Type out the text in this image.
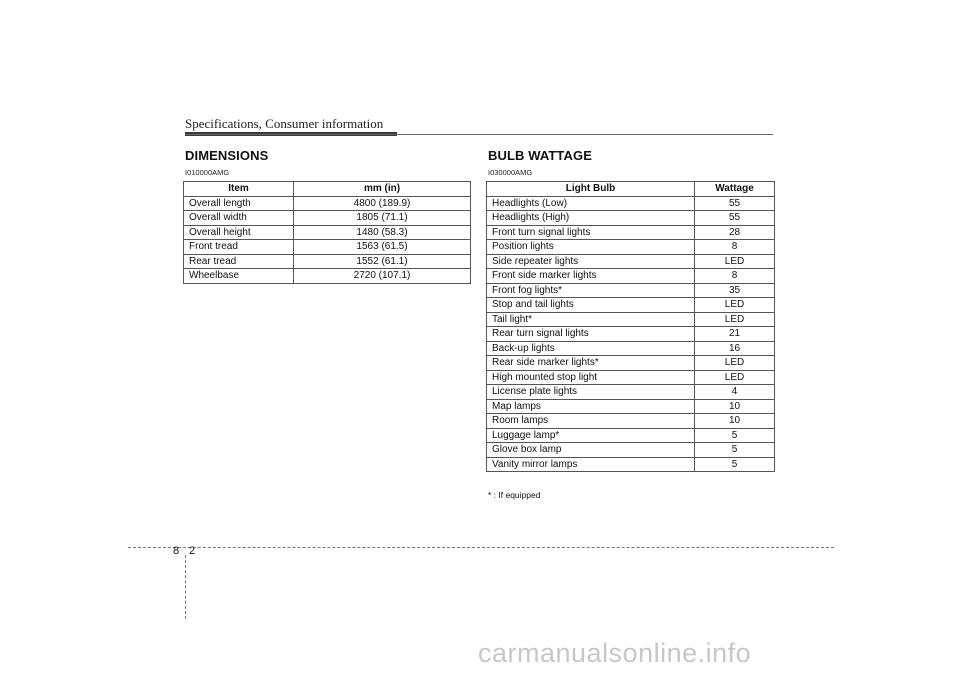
Specifications, Consumer information
DIMENSIONS
I010000AMG
Item	mm (in)
Overall length	4800 (189.9)
Overall width	1805 (71.1)
Overall height	1480 (58.3)
Front tread	1563 (61.5)
Rear tread	1552 (61.1)
Wheelbase	2720 (107.1)
BULB WATTAGE
I030000AMG
Light Bulb	Wattage
Headlights (Low)	55
Headlights (High)	55
Front turn signal lights	28
Position lights	8
Side repeater lights	LED
Front side marker lights	8
Front fog lights*	35
Stop and tail lights	LED
Tail light*	LED
Rear turn signal lights	21
Back-up lights	16
Rear side marker lights*	LED
High mounted stop light	LED
License plate lights	4
Map lamps	10
Room lamps	10
Luggage lamp*	5
Glove box lamp	5
Vanity mirror lamps	5
* : If equipped
8 2
carmanualsonline.info
